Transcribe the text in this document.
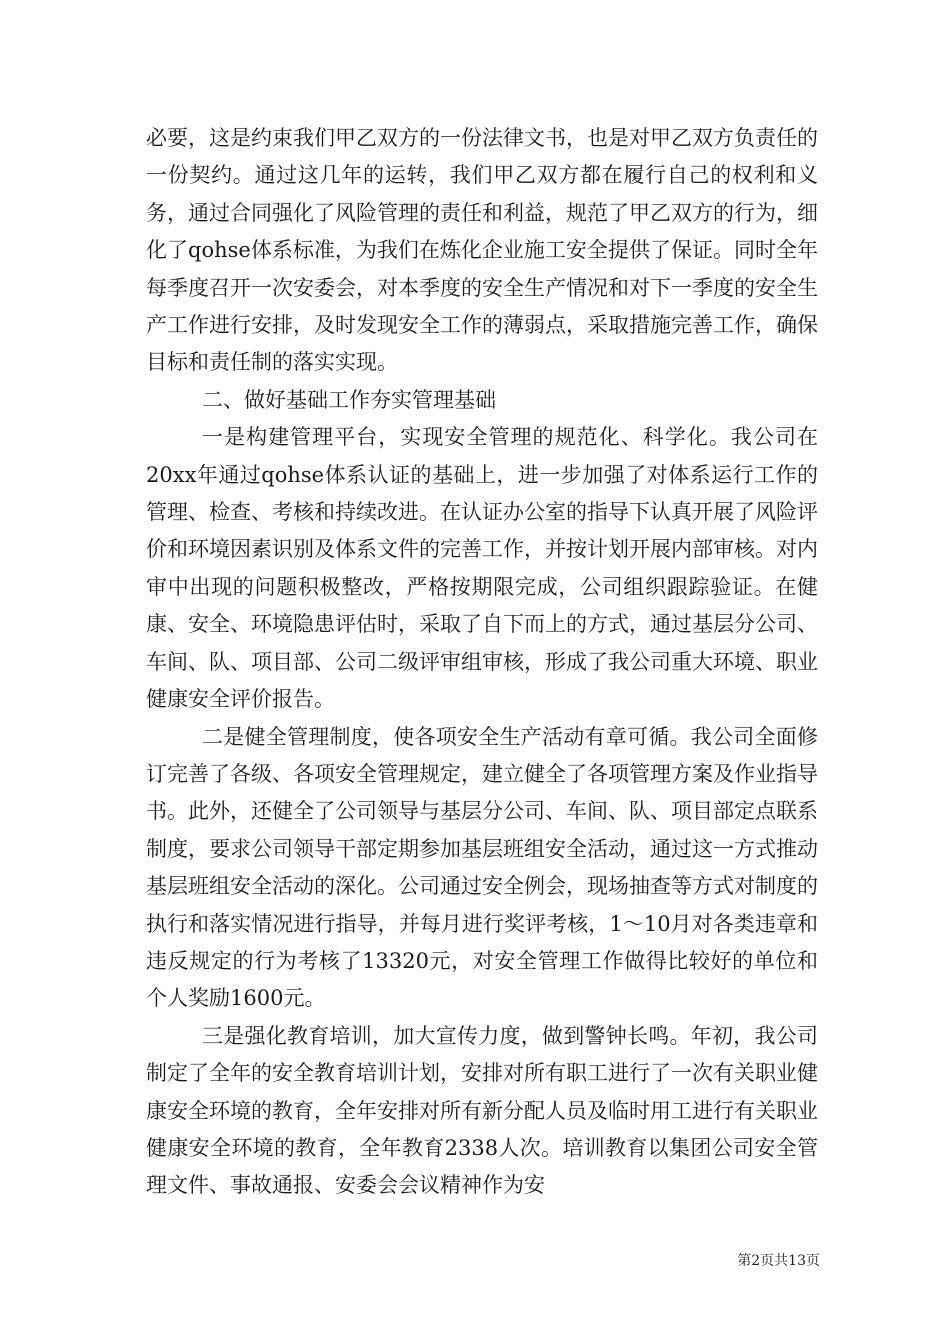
必要，这是约束我们甲乙双方的一份法律文书，也是对甲乙双方负责任的一份契约。通过这几年的运转，我们甲乙双方都在履行自己的权利和义务，通过合同强化了风险管理的责任和利益，规范了甲乙双方的行为，细化了qohse体系标准，为我们在炼化企业施工安全提供了保证。同时全年每季度召开一次安委会，对本季度的安全生产情况和对下一季度的安全生产工作进行安排，及时发现安全工作的薄弱点，采取措施完善工作，确保目标和责任制的落实实现。

二、做好基础工作夯实管理基础

一是构建管理平台，实现安全管理的规范化、科学化。我公司在20xx年通过qohse体系认证的基础上，进一步加强了对体系运行工作的管理、检查、考核和持续改进。在认证办公室的指导下认真开展了风险评价和环境因素识别及体系文件的完善工作，并按计划开展内部审核。对内审中出现的问题积极整改，严格按期限完成，公司组织跟踪验证。在健康、安全、环境隐患评估时，采取了自下而上的方式，通过基层分公司、车间、队、项目部、公司二级评审组审核，形成了我公司重大环境、职业健康安全评价报告。

二是健全管理制度，使各项安全生产活动有章可循。我公司全面修订完善了各级、各项安全管理规定，建立健全了各项管理方案及作业指导书。此外，还健全了公司领导与基层分公司、车间、队、项目部定点联系制度，要求公司领导干部定期参加基层班组安全活动，通过这一方式推动基层班组安全活动的深化。公司通过安全例会，现场抽查等方式对制度的执行和落实情况进行指导，并每月进行奖评考核，1～10月对各类违章和违反规定的行为考核了13320元，对安全管理工作做得比较好的单位和个人奖励1600元。

三是强化教育培训，加大宣传力度，做到警钟长鸣。年初，我公司制定了全年的安全教育培训计划，安排对所有职工进行了一次有关职业健康安全环境的教育，全年安排对所有新分配人员及临时用工进行有关职业健康安全环境的教育，全年教育2338人次。培训教育以集团公司安全管理文件、事故通报、安委会会议精神作为安

第2页共13页
